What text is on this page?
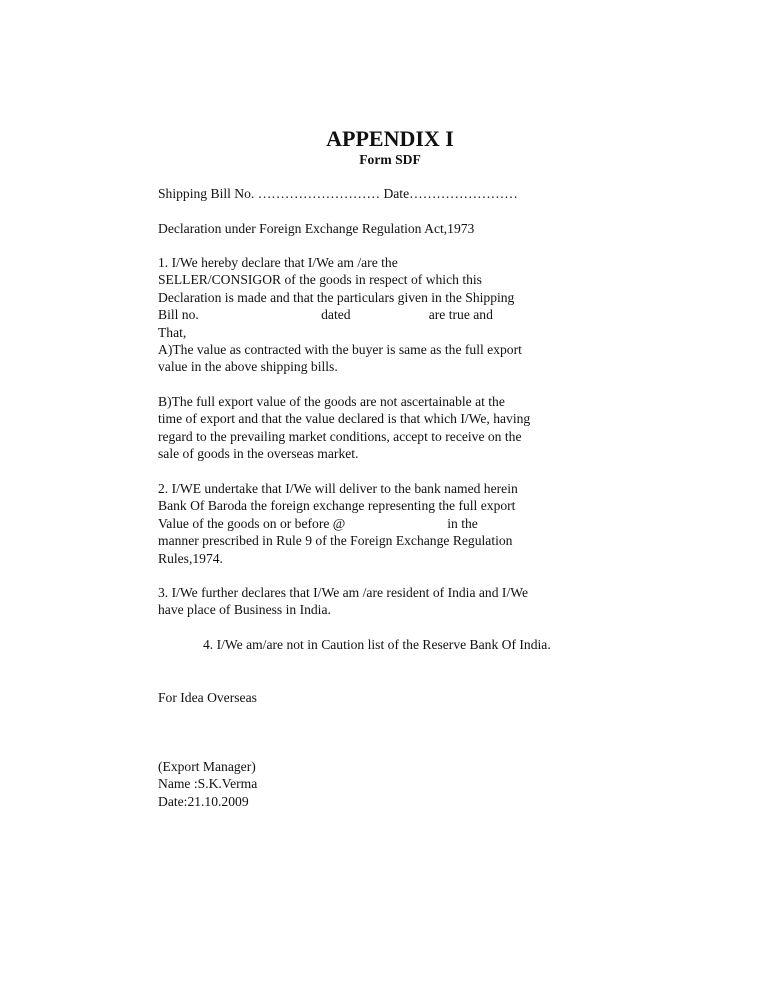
APPENDIX I
Form SDF
Shipping Bill No. ……………………… Date……………………
Declaration under Foreign Exchange Regulation Act,1973
1. I/We hereby declare that I/We am /are the
SELLER/CONSIGOR of the goods in respect of which this
Declaration is made and that the particulars given in the Shipping
Bill no.                                    dated                       are true and
That,
A)The value as contracted with the buyer is same as the full export
value in the above shipping bills.
B)The full export value of the goods are not ascertainable at the
time of export and that the value declared is that which I/We, having
regard to the prevailing market conditions, accept to receive on the
sale of goods in the overseas market.
2. I/WE undertake that I/We will deliver to the bank named herein
Bank Of Baroda the foreign exchange representing the full export
Value of the goods on or before @                              in the
manner prescribed in Rule 9 of the Foreign Exchange Regulation
Rules,1974.
3. I/We further declares that I/We am /are resident of India and I/We
have place of Business in India.
4. I/We am/are not in Caution list of the Reserve Bank Of India.
For Idea Overseas
(Export Manager)
Name :S.K.Verma
Date:21.10.2009
